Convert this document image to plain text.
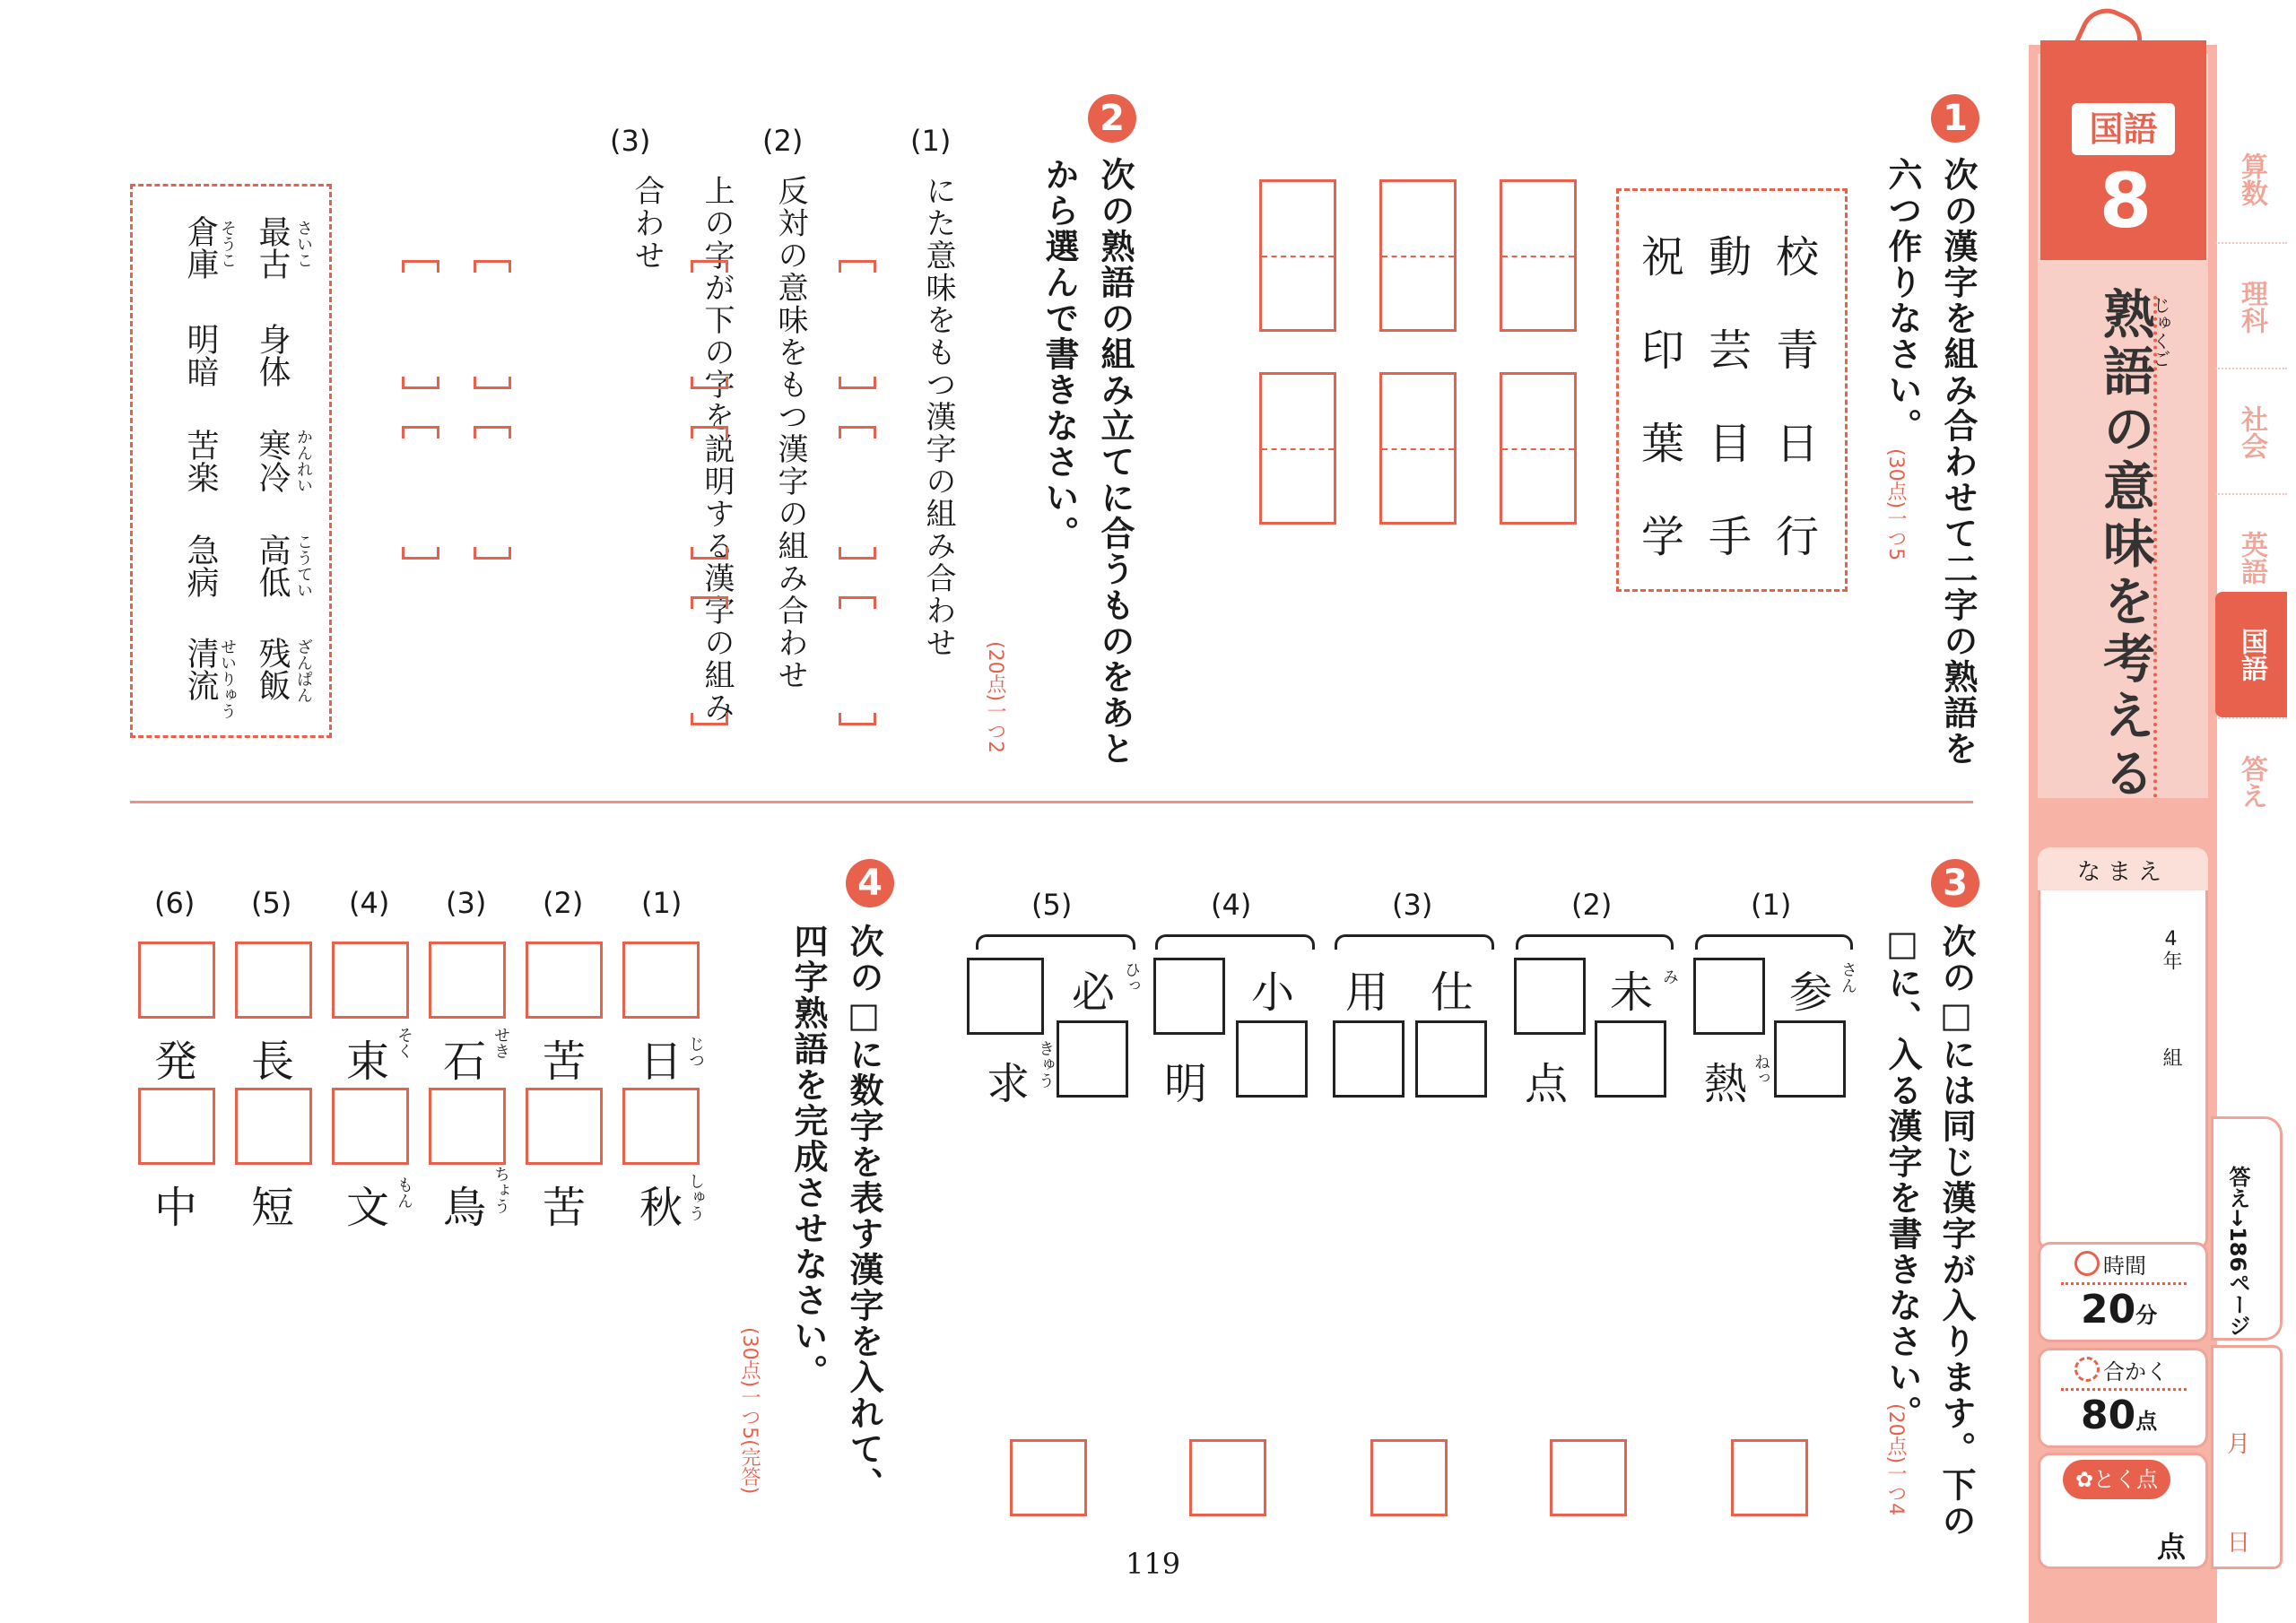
国語
8
熟語の意味を考える
じゅくご
なまえ
4年
組
時間
20分
合かく
80点
✿とく点
点
算数
理科
社会
英語
国語
答え
答え→186ページ
月
日
1
次の漢字を組み合わせて二字の熟語を六つ作りなさい。
(30点)一つ5
校
青
日
行
動
芸
目
手
祝
印
葉
学
2
次の熟語の組み立てに合うものをあとから選んで書きなさい。
(20点)一つ2
(1)
にた意味をもつ漢字の組み合わせ
(2)
反対の意味をもつ漢字の組み合わせ
(3)
上の字が下の字を説明する漢字の組み合わせ
最古 さいこ
倉庫 そうこ
身体
明暗
寒冷 かんれい
苦楽
高低 こうてい
急病
残飯 ざんぱん
清流 せいりゅう
3
次の□には同じ漢字が入ります。下の
□に、入る漢字を書きなさい。
(20点)一つ4
(1)
参 さん
熱 ねっ
(2)
未 み
点
(3)
仕
用
(4)
小
明
(5)
必 ひっ
求 きゅう
4
次の□に数字を表す漢字を入れて、四字熟語を完成させなさい。
(30点)一つ5(完答)
(1)
(2)
(3)
(4)
(5)
(6)
日 じつ
秋 しゅう
苦
苦
石 せき
鳥 ちょう
束 そく
文 もん
長
短
発
中
119
